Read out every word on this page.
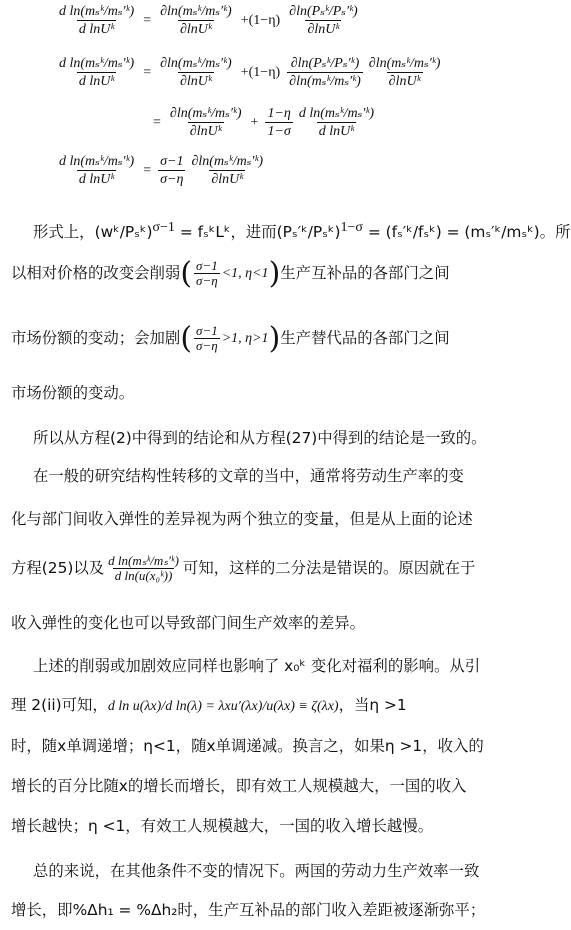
$\frac{\text{d ln(mₛᵏ/mₛ′ᵏ)}}{\text{d lnUᵏ}} = \frac{\text{∂ln(mₛᵏ/mₛ′ᵏ)}}{\text{∂lnUᵏ}} +(1-\eta) \frac{\text{∂ln(Pₛᵏ/Pₛ′ᵏ)}}{\text{∂lnUᵏ}}$
$\frac{\text{d ln(mₛᵏ/mₛ′ᵏ)}}{\text{d lnUᵏ}} = \frac{\text{∂ln(mₛᵏ/mₛ′ᵏ)}}{\text{∂lnUᵏ}} +(1-\eta) \frac{\text{∂ln(Pₛᵏ/Pₛ′ᵏ)}}{\text{∂ln(mₛᵏ/mₛ′ᵏ)}} \frac{\text{∂ln(mₛᵏ/mₛ′ᵏ)}}{\text{∂lnUᵏ}}$
= $\frac{\text{∂ln(mₛᵏ/mₛ′ᵏ)}}{\text{∂lnUᵏ}} + \frac{1-\eta}{1-\sigma} \frac{\text{d ln(mₛᵏ/mₛ′ᵏ)}}{\text{d lnUᵏ}}$
$\frac{\text{d ln(mₛᵏ/mₛ′ᵏ)}}{\text{d lnUᵏ}} = \frac{\sigma-1}{\sigma-\eta} \frac{\text{∂ln(mₛᵏ/mₛ′ᵏ)}}{\text{∂lnUᵏ}}$
形式上，(wᵏ/Pₛᵏ)$^{\sigma-1}$ = fₛᵏLᵏ，进而(Pₛ′ᵏ/Pₛᵏ)$^{1-\sigma}$ = (fₛ′ᵏ/fₛᵏ) = (mₛ′ᵏ/mₛᵏ)。所
以相对价格的改变会削弱 ( $\frac{\sigma-1}{\sigma-\eta} <1$, η<1 ) 生产互补品的各部门之间
市场份额的变动；会加剧 ( $\frac{\sigma-1}{\sigma-\eta} >1$, η>1 ) 生产替代品的各部门之间
市场份额的变动。
所以从方程(2)中得到的结论和从方程(27)中得到的结论是一致的。
在一般的研究结构性转移的文章的当中，通常将劳动生产率的变
化与部门间收入弹性的差异视为两个独立的变量，但是从上面的论述
方程(25)以及 $\frac{\text{d ln(mₛᵏ/mₛ′ᵏ)}}{\text{d ln(u(x₀ᵏ))}}$ 可知，这样的二分法是错误的。原因就在于
收入弹性的变化也可以导致部门间生产效率的差异。
上述的削弱或加剧效应同样也影响了 x₀ᵏ 变化对福利的影响。从引
理 2(ii)可知，d ln u(λx)/d ln(λ) = λxu′(λx)/u(λx) ≡ ζ(λx)，当η >1
时，随x单调递增；η<1，随x单调递减。换言之，如果η >1，收入的
增长的百分比随x的增长而增长，即有效工人规模越大，一国的收入
增长越快；η <1，有效工人规模越大，一国的收入增长越慢。
总的来说，在其他条件不变的情况下。两国的劳动力生产效率一致
增长，即%Δh₁ = %Δh₂时，生产互补品的部门收入差距被逐渐弥平；
